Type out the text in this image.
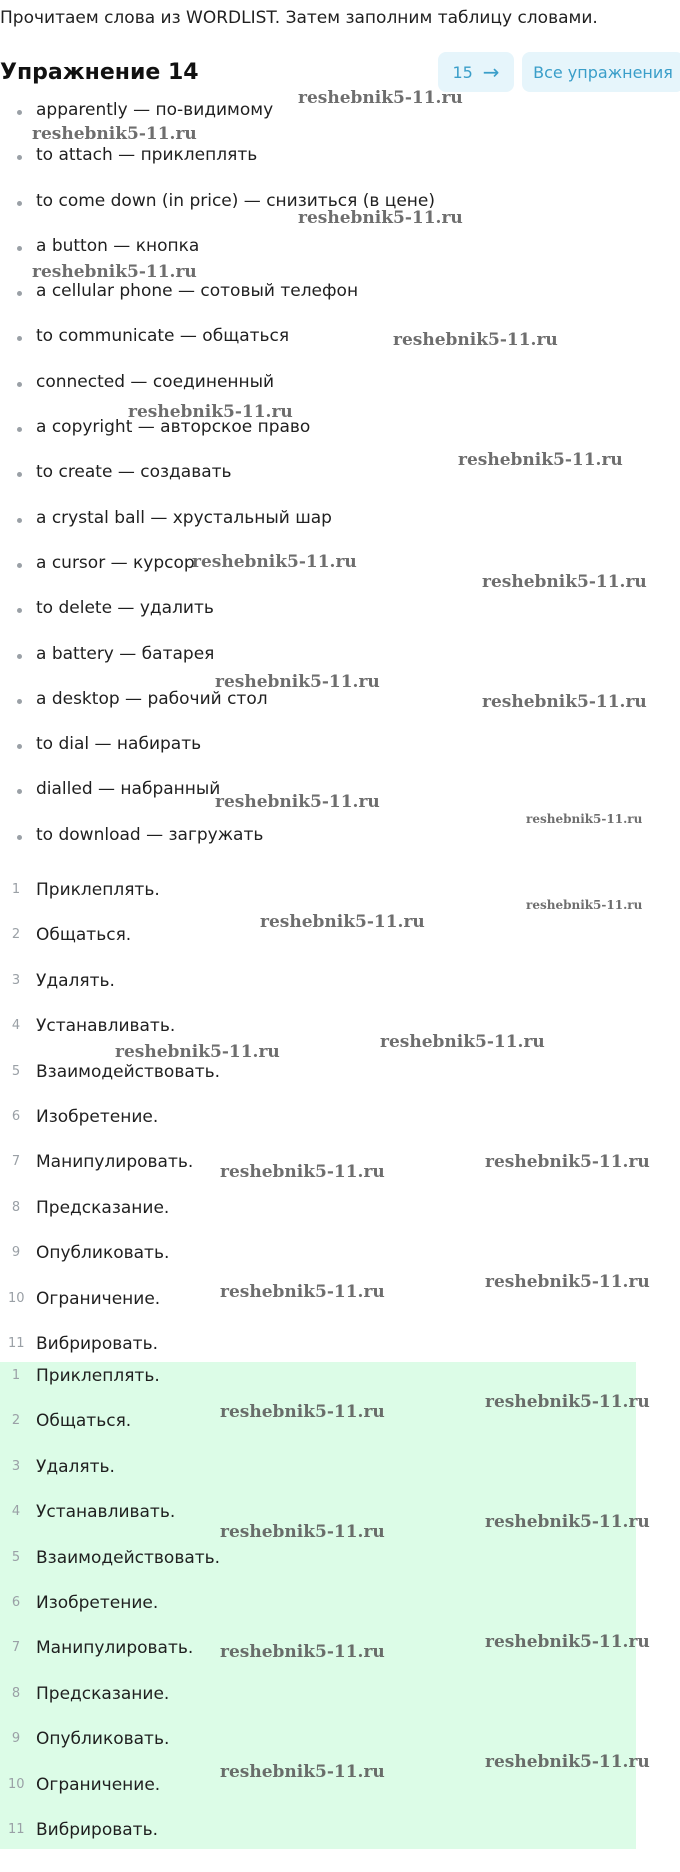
Прочитаем слова из WORDLIST. Затем заполним таблицу словами.
Упражнение 14	15 → Все упражнения
apparently — по-видимому
to attach — приклеплять
to come down (in price) — снизиться (в цене)
a button — кнопка
a cellular phone — сотовый телефон
to communicate — общаться
connected — соединенный
a copyright — авторское право
to create — создавать
a crystal ball — хрустальный шар
a cursor — курсор
to delete — удалить
a battery — батарея
a desktop — рабочий стол
to dial — набирать
dialled — набранный
to download — загружать
1 Приклеплять.
2 Общаться.
3 Удалять.
4 Устанавливать.
5 Взаимодействовать.
6 Изобретение.
7 Манипулировать.
8 Предсказание.
9 Опубликовать.
10 Ограничение.
11 Вибрировать.
1 Приклеплять.
2 Общаться.
3 Удалять.
4 Устанавливать.
5 Взаимодействовать.
6 Изобретение.
7 Манипулировать.
8 Предсказание.
9 Опубликовать.
10 Ограничение.
11 Вибрировать.
reshebnik5-11.ru
reshebnik5-11.ru
reshebnik5-11.ru
reshebnik5-11.ru
reshebnik5-11.ru
reshebnik5-11.ru
reshebnik5-11.ru
reshebnik5-11.ru
reshebnik5-11.ru
reshebnik5-11.ru
reshebnik5-11.ru
reshebnik5-11.ru
reshebnik5-11.ru
reshebnik5-11.ru
reshebnik5-11.ru
reshebnik5-11.ru
reshebnik5-11.ru
reshebnik5-11.ru
reshebnik5-11.ru
reshebnik5-11.ru
reshebnik5-11.ru
reshebnik5-11.ru
reshebnik5-11.ru
reshebnik5-11.ru
reshebnik5-11.ru
reshebnik5-11.ru
reshebnik5-11.ru
reshebnik5-11.ru
reshebnik5-11.ru
